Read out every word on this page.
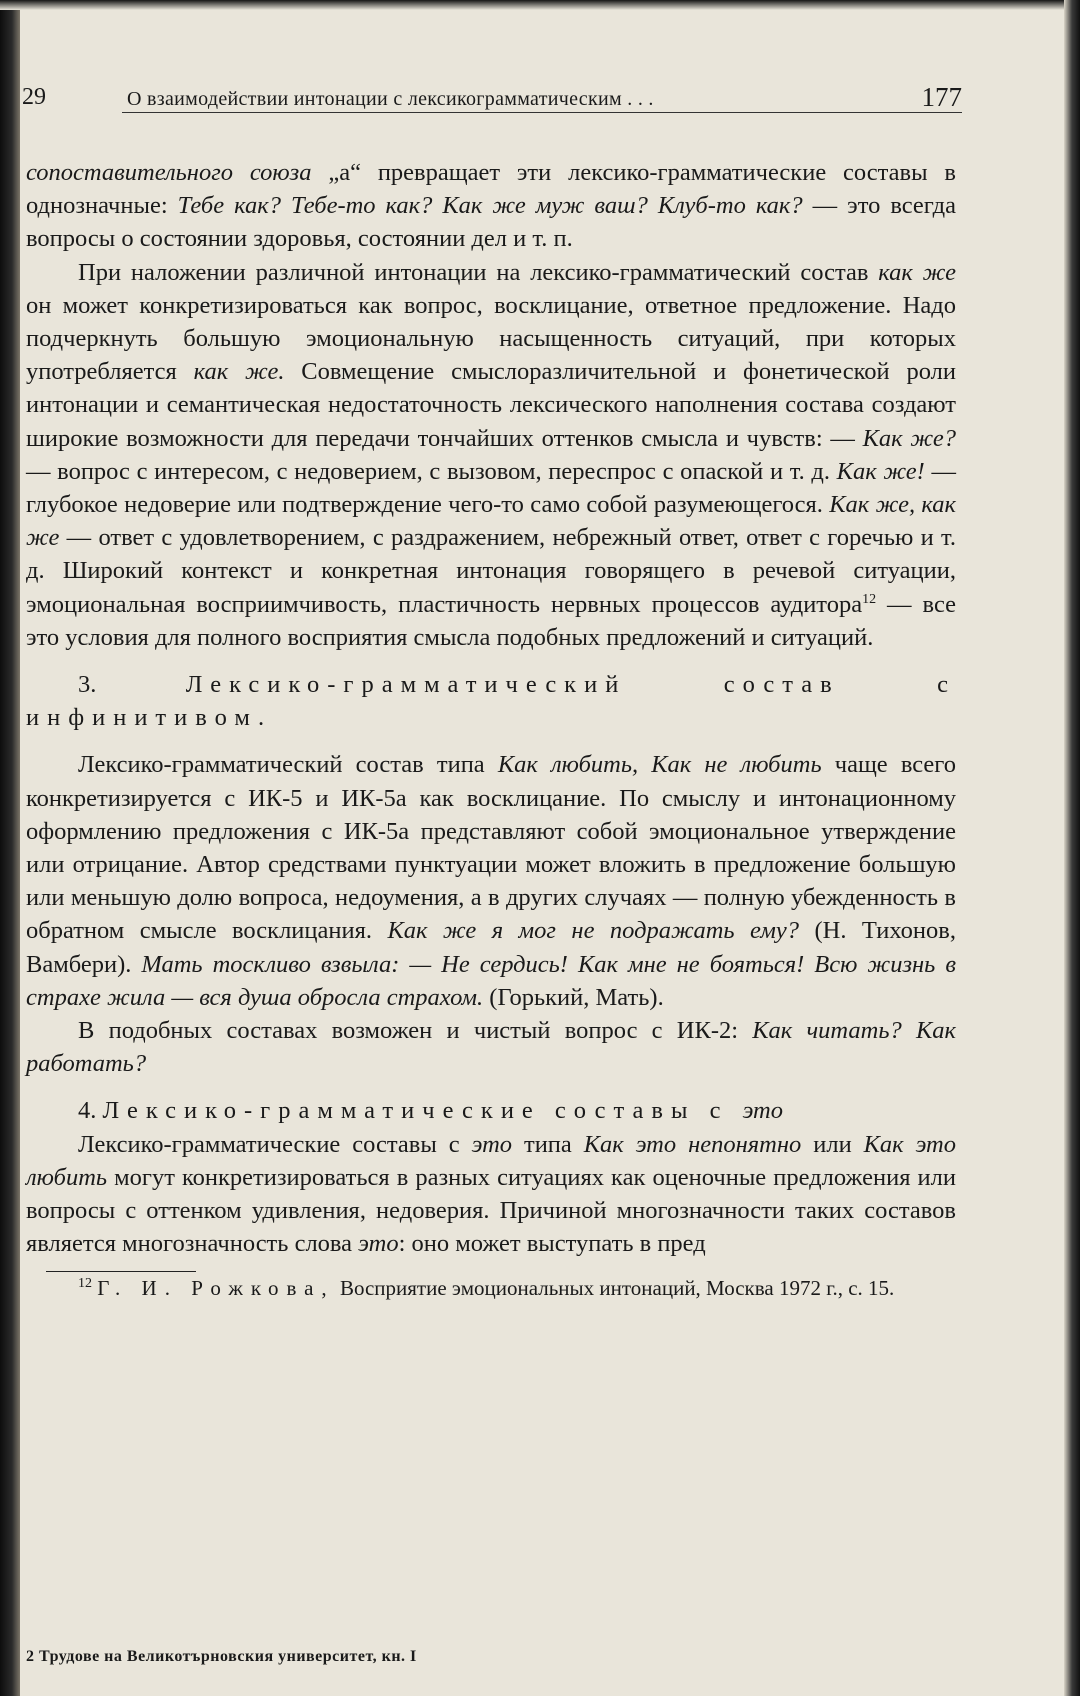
29	О взаимодействии интонации с лексикограмматическим . . .	177

сопоставительного союза „а“ превращает эти лексико-грамматические составы в однозначные: Тебе как? Тебе-то как? Как же муж ваш? Клуб-то как? — это всегда вопросы о состоянии здоровья, состоянии дел и т. п.

При наложении различной интонации на лексико-грамматический состав как же он может конкретизироваться как вопрос, восклицание, ответное предложение. Надо подчеркнуть большую эмоциональную насыщенность ситуаций, при которых употребляется как же. Совмещение смыслоразличительной и фонетической роли интонации и семантическая недостаточность лексического наполнения состава создают широкие возможности для передачи тончайших оттенков смысла и чувств: — Как же? — вопрос с интересом, с недоверием, с вызовом, переспрос с опаской и т. д. Как же! — глубокое недоверие или подтверждение чего-то само собой разумеющегося. Как же, как же — ответ с удовлетворением, с раздражением, небрежный ответ, ответ с горечью и т. д. Широкий контекст и конкретная интонация говорящего в речевой ситуации, эмоциональная восприимчивость, пластичность нервных процессов аудитора$^{12}$ — все это условия для полного восприятия смысла подобных предложений и ситуаций.

3. Лексико-грамматический состав с инфинитивом.

Лексико-грамматический состав типа Как любить, Как не любить чаще всего конкретизируется с ИК-5 и ИК-5а как восклицание. По смыслу и интонационному оформлению предложения с ИК-5а представляют собой эмоциональное утверждение или отрицание. Автор средствами пунктуации может вложить в предложение большую или меньшую долю вопроса, недоумения, а в других случаях — полную убежденность в обратном смысле восклицания. Как же я мог не подражать ему? (Н. Тихонов, Вамбери). Мать тоскливо взвыла: — Не сердись! Как мне не бояться! Всю жизнь в страхе жила — вся душа обросла страхом. (Горький, Мать).

В подобных составах возможен и чистый вопрос с ИК-2: Как читать? Как работать?

4. Лексико-грамматические составы с это

Лексико-грамматические составы с это типа Как это непонятно или Как это любить могут конкретизироваться в разных ситуациях как оценочные предложения или вопросы с оттенком удивления, недоверия. Причиной многозначности таких составов является многозначность слова это: оно может выступать в пред

$^{12}$ Г. И. Рожкова, Восприятие эмоциональных интонаций, Москва 1972 г., с. 15.

2 Трудове на Великотърновския университет, кн. I
